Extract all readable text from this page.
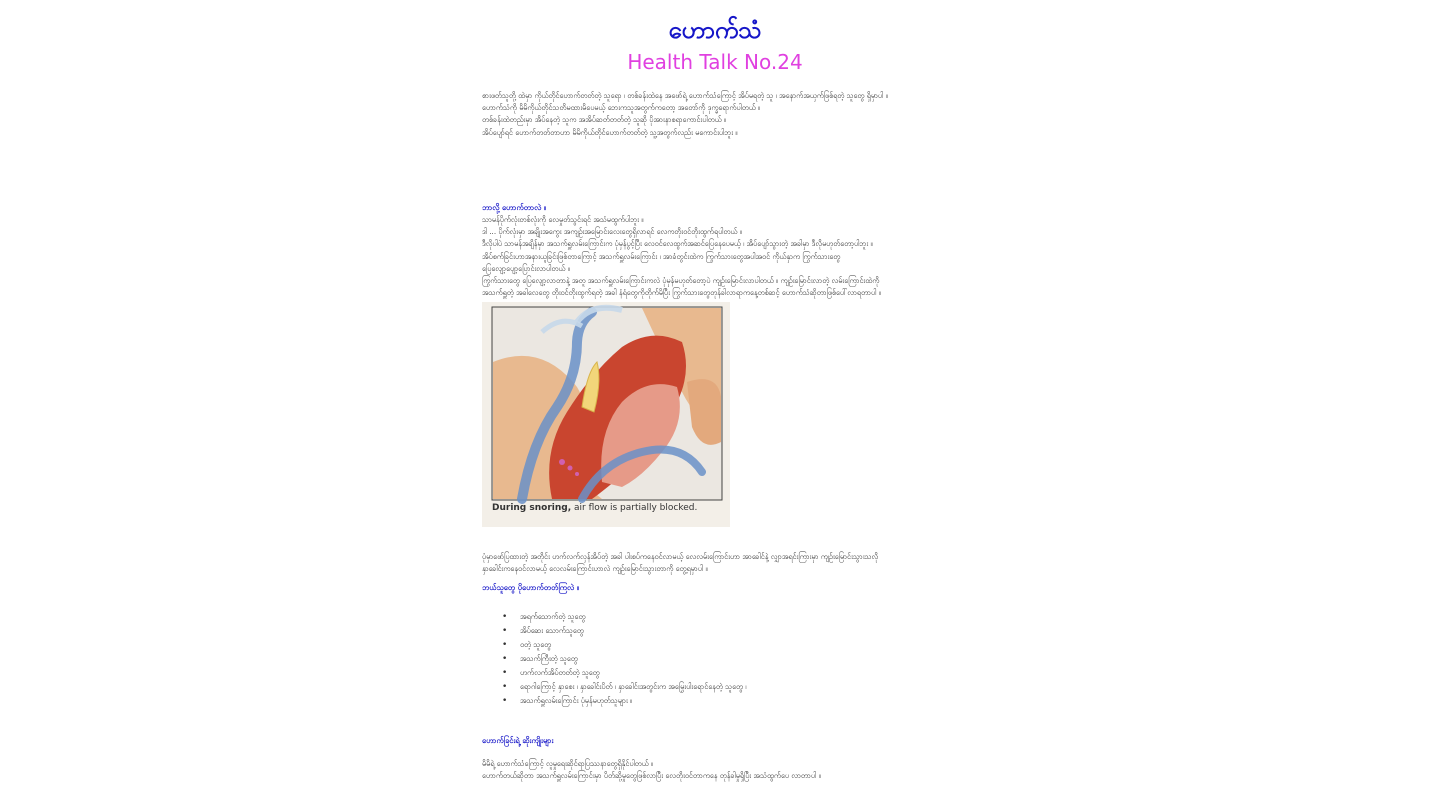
ဟောက်သံ
Health Talk No.24
စားဖတ်သူတို့ ထဲမှာ ကိုယ်တိုင်ဟောက်တတ်တဲ့ သူရော ၊ တစ်ခန်းထဲနေ အဖော်ရဲ့ ဟောက်သံကြောင့် အိပ်မရတဲ့ သူ ၊ အနောက်အယှက်ဖြစ်ရတဲ့ သူတွေ ရှိမှာပါ ။
ဟောက်သံကို မိမိကိုယ်တိုင်သတိမထားမိပေမယ့် ဘေးကသူအတွက်ကတော့ အတော်ကို ဒုက္ခရောက်ပါတယ် ။
တစ်ခန်းထဲတည်းမှာ အိပ်နေတဲ့ သူက အအိပ်ဆတ်တတ်တဲ့ သူဆို ပိုအားနာစရာကောင်းပါတယ် ။
အိပ်ပျော်ရင် ဟောက်တတ်တာဟာ မိမိကိုယ်တိုင်ဟောက်တတ်တဲ့ သူ့အတွက်လည်း မကောင်းပါဘူး ။
ဘာလို့ ဟောက်တာလဲ ။
သာမန်ပိုက်လုံးတစ်လုံးကို လေမှုတ်သွင်းရင် အသံမထွက်ပါဘူး ။
ဒါ ... ပိုက်လုံးမှာ အချိုးအကွေး အကျဉ်းအမြောင်းလေးတွေရှိလာရင် လေကတိုးဝင်တိုးထွက်ရပါတယ် ။
ဒီလိုပါပဲ သာမန်အချိန်မှာ အသက်ရှူလမ်းကြောင်းက ပုံမှန်ပွင့်ပြီး လေဝင်လေထွက်အဆင်ပြေနေပေမယ့် ၊ အိပ်ပျော်သွားတဲ့ အခါမှာ ဒီလိုမဟုတ်တော့ပါဘူး ။
အိပ်စက်ခြင်းဟာအနားယူခြင်းဖြစ်တာကြောင့် အသက်ရှူလမ်းကြောင်း ၊ အာခံတွင်းထဲက ကြွက်သားတွေအပါအဝင် ကိုယ်နှာက ကြွက်သားတွေ
ပြေလျော့ပျော့ပြောင်းလာပါတယ် ။
ကြွက်သားတွေ ပြေလျော့လာတာနဲ့ အတူ အသက်ရှူလမ်းကြောင်းကလဲ ပုံမှန်မဟုတ်တော့ပဲ ကျဉ်းမြောင်းလာပါတယ် ။ ကျဉ်းမြောင်းလာတဲ့ လမ်းကြောင်းထဲကို
အသက်ရှူတဲ့ အခါလေတွေ တိုးဝင်တိုးထွက်ရတဲ့ အခါ နံရံတွေကိုတိုက်မိပြီး ကြွက်သားတွေတုန်ခါလာရာကနေ့တစ်ဆင့် ဟောက်သံဆိုတာဖြစ်ပေါ်လာရတာပါ ။
During snoring, air flow is partially blocked.
ပုံမှာဖော်ပြထားတဲ့ အတိုင်း ဟက်လက်လှန်အိပ်တဲ့ အခါ ပါးစပ်ကနေဝင်လာမယ့် လေလမ်းကြောင်းဟာ အာခေါင်နဲ့ လျှာအရင်းကြားမှာ ကျဉ်းမြောင်းသွားသလို
နှာခေါင်းကနေဝင်လာမယ့် လေလမ်းကြောင်းဟာလဲ ကျဉ်းမြောင်းသွားတာကို တွေ့ရမှာပါ ။
ဘယ်သူတွေ ပိုဟောက်တတ်ကြလဲ ။
• အရက်သောက်တဲ့ သူတွေ
• အိပ်ဆေး သောက်သူတွေ
• ဝတဲ့ သူတွေ
• အသက်ကြီးတဲ့ သူတွေ
• ဟက်လက်အိပ်တတ်တဲ့ သူတွေ
• ရောဂါကြောင့် နှာစေး ၊ နှာခေါင်းပိတ် ၊ နှာခေါင်းအတွင်းက အမြှေးပါးရောင်နေတဲ့ သူတွေ ၊
• အသက်ရှူလမ်းကြောင်း ပုံမှန်မဟုတ်သူများ ။
ဟောက်ခြင်းရဲ့ ဆိုးကျိုးများ
မိမိရဲ့ ဟောက်သံကြောင့် လူမှုရေးဆိုင်ရာပြဿနာတွေရှိနိုင်ပါတယ် ။
ဟောက်တယ်ဆိုတာ အသက်ရှူလမ်းကြောင်းမှာ ပိတ်ဆို့မှုတွေဖြစ်လာပြီး လေတိုးဝင်တာကနေ တုန်ခါမှုရှိပြီး အသံထွက်ပေ လာတာပါ ။
